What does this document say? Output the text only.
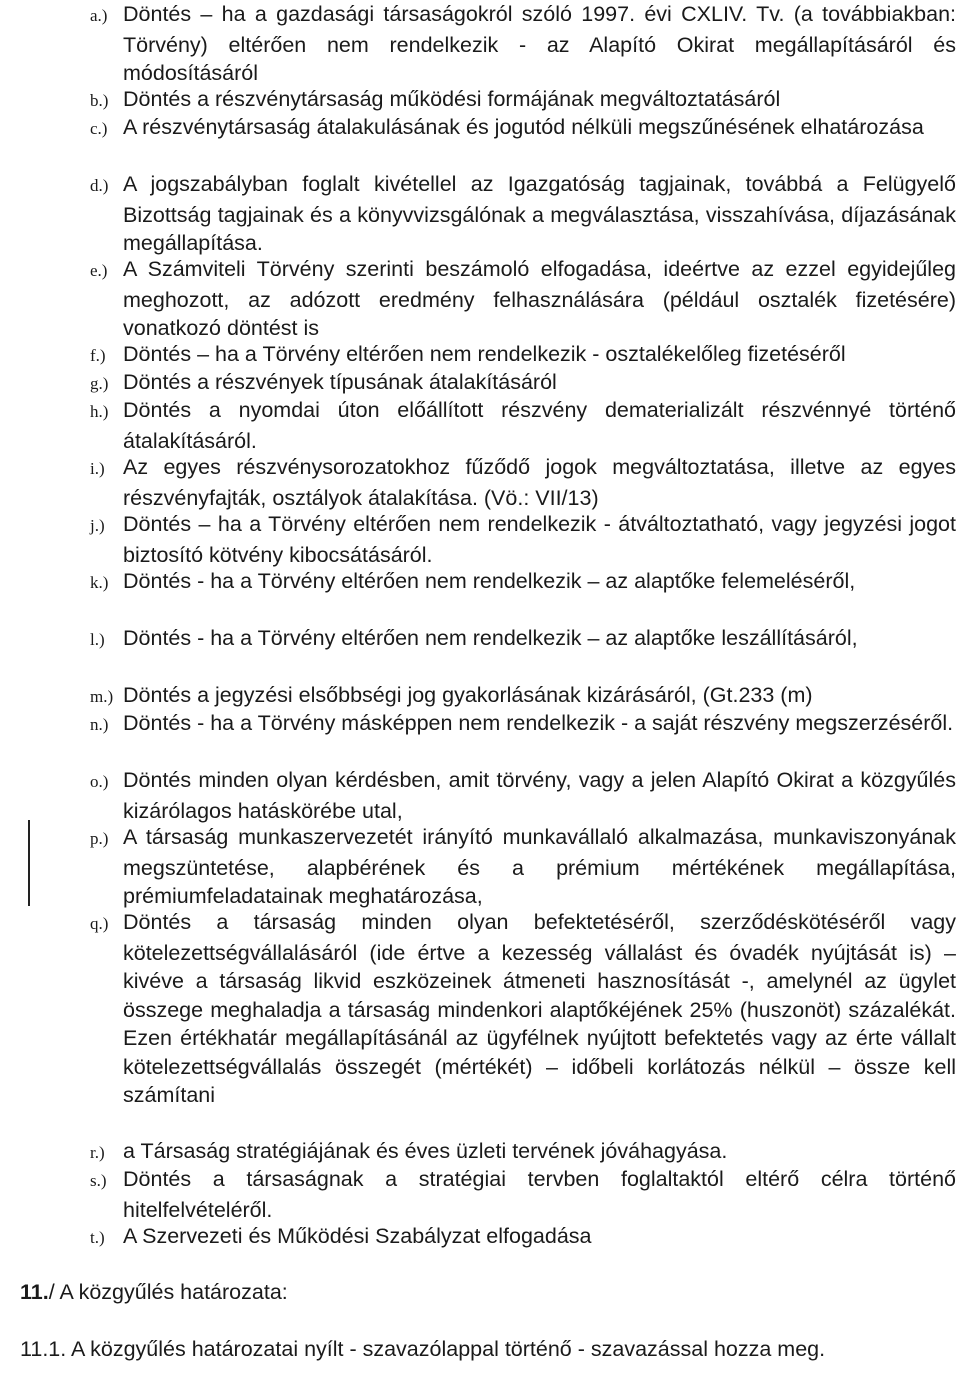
a.) Döntés – ha a gazdasági társaságokról szóló 1997. évi CXLIV. Tv. (a továbbiakban: Törvény) eltérően nem rendelkezik - az Alapító Okirat megállapításáról és módosításáról
b.) Döntés a részvénytársaság működési formájának megváltoztatásáról
c.) A részvénytársaság átalakulásának és jogutód nélküli megszűnésének elhatározása
d.) A jogszabályban foglalt kivétellel az Igazgatóság tagjainak, továbbá a Felügyelő Bizottság tagjainak és a könyvvizsgálónak a megválasztása, visszahívása, díjazásának megállapítása.
e.) A Számviteli Törvény szerinti beszámoló elfogadása, ideértve az ezzel egyidejűleg meghozott, az adózott eredmény felhasználására (például osztalék fizetésére) vonatkozó döntést is
f.) Döntés – ha a Törvény eltérően nem rendelkezik - osztalékelőleg fizetéséről
g.) Döntés a részvények típusának átalakításáról
h.) Döntés a nyomdai úton előállított részvény dematerializált részvénnyé történő átalakításáról.
i.) Az egyes részvénysorozatokhoz fűződő jogok megváltoztatása, illetve az egyes részvényfajták, osztályok átalakítása. (Vö.: VII/13)
j.) Döntés – ha a Törvény eltérően nem rendelkezik - átváltoztatható, vagy jegyzési jogot biztosító kötvény kibocsátásáról.
k.) Döntés - ha a Törvény eltérően nem rendelkezik – az alaptőke felemeléséről,
l.) Döntés - ha a Törvény eltérően nem rendelkezik – az alaptőke leszállításáról,
m.) Döntés a jegyzési elsőbbségi jog gyakorlásának kizárásáról, (Gt.233 (m)
n.) Döntés - ha a Törvény másképpen nem rendelkezik - a saját részvény megszerzéséről.
o.) Döntés minden olyan kérdésben, amit törvény, vagy a jelen Alapító Okirat a közgyűlés kizárólagos hatáskörébe utal,
p.) A társaság munkaszervezetét irányító munkavállaló alkalmazása, munkaviszonyának megszüntetése, alapbérének és a prémium mértékének megállapítása, prémiumfeladatainak meghatározása,
q.) Döntés a társaság minden olyan befektetéséről, szerződéskötéséről vagy kötelezettségvállalásáról (ide értve a kezesség vállalást és óvadék nyújtását is) – kivéve a társaság likvid eszközeinek átmeneti hasznosítását -, amelynél az ügylet összege meghaladja a társaság mindenkori alaptőkéjének 25% (huszonöt) százalékát. Ezen értékhatár megállapításánál az ügyfélnek nyújtott befektetés vagy az érte vállalt kötelezettségvállalás összegét (mértékét) – időbeli korlátozás nélkül – össze kell számítani
r.) a Társaság stratégiájának és éves üzleti tervének jóváhagyása.
s.) Döntés a társaságnak a stratégiai tervben foglaltaktól eltérő célra történő hitelfelvételéről.
t.) A Szervezeti és Működési Szabályzat elfogadása
11./ A közgyűlés határozata:
11.1. A közgyűlés határozatai nyílt - szavazólappal történő - szavazással hozza meg.
